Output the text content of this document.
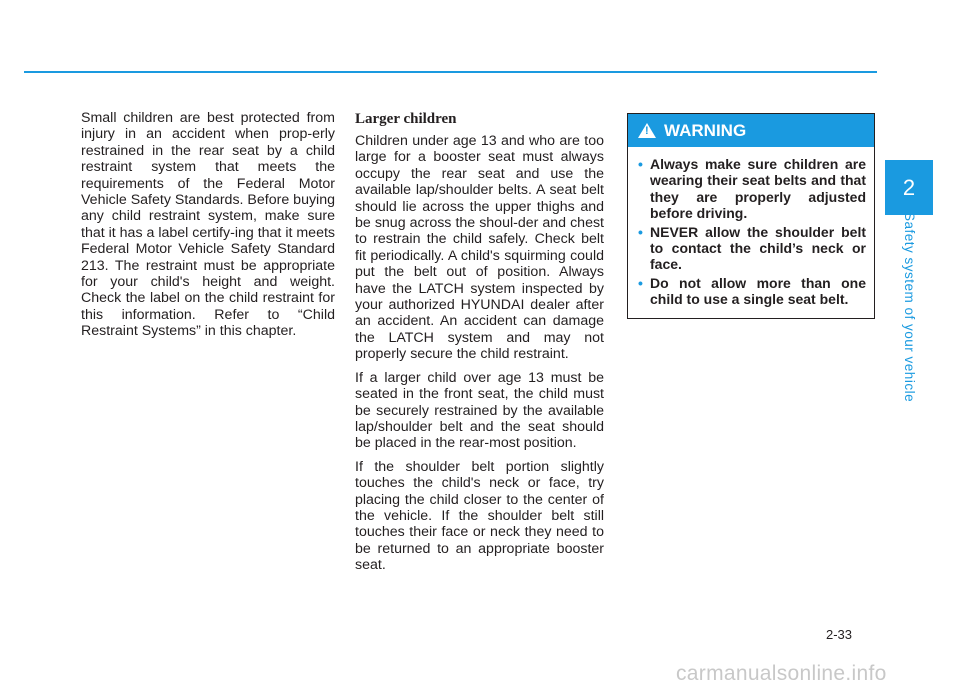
Small children are best protected from injury in an accident when prop-erly restrained in the rear seat by a child restraint system that meets the requirements of the Federal Motor Vehicle Safety Standards. Before buying any child restraint system, make sure that it has a label certify-ing that it meets Federal Motor Vehicle Safety Standard 213. The restraint must be appropriate for your child's height and weight. Check the label on the child restraint for this information. Refer to “Child Restraint Systems” in this chapter.

Larger children

Children under age 13 and who are too large for a booster seat must always occupy the rear seat and use the available lap/shoulder belts. A seat belt should lie across the upper thighs and be snug across the shoul-der and chest to restrain the child safely. Check belt fit periodically. A child's squirming could put the belt out of position. Always have the LATCH system inspected by your authorized HYUNDAI dealer after an accident. An accident can damage the LATCH system and may not properly secure the child restraint.

If a larger child over age 13 must be seated in the front seat, the child must be securely restrained by the available lap/shoulder belt and the seat should be placed in the rear-most position.

If the shoulder belt portion slightly touches the child's neck or face, try placing the child closer to the center of the vehicle. If the shoulder belt still touches their face or neck they need to be returned to an appropriate booster seat.

!
WARNING
• Always make sure children are wearing their seat belts and that they are properly adjusted before driving.
• NEVER allow the shoulder belt to contact the child’s neck or face.
• Do not allow more than one child to use a single seat belt.
2
Safety system of your vehicle
2-33
carmanualsonline.info
